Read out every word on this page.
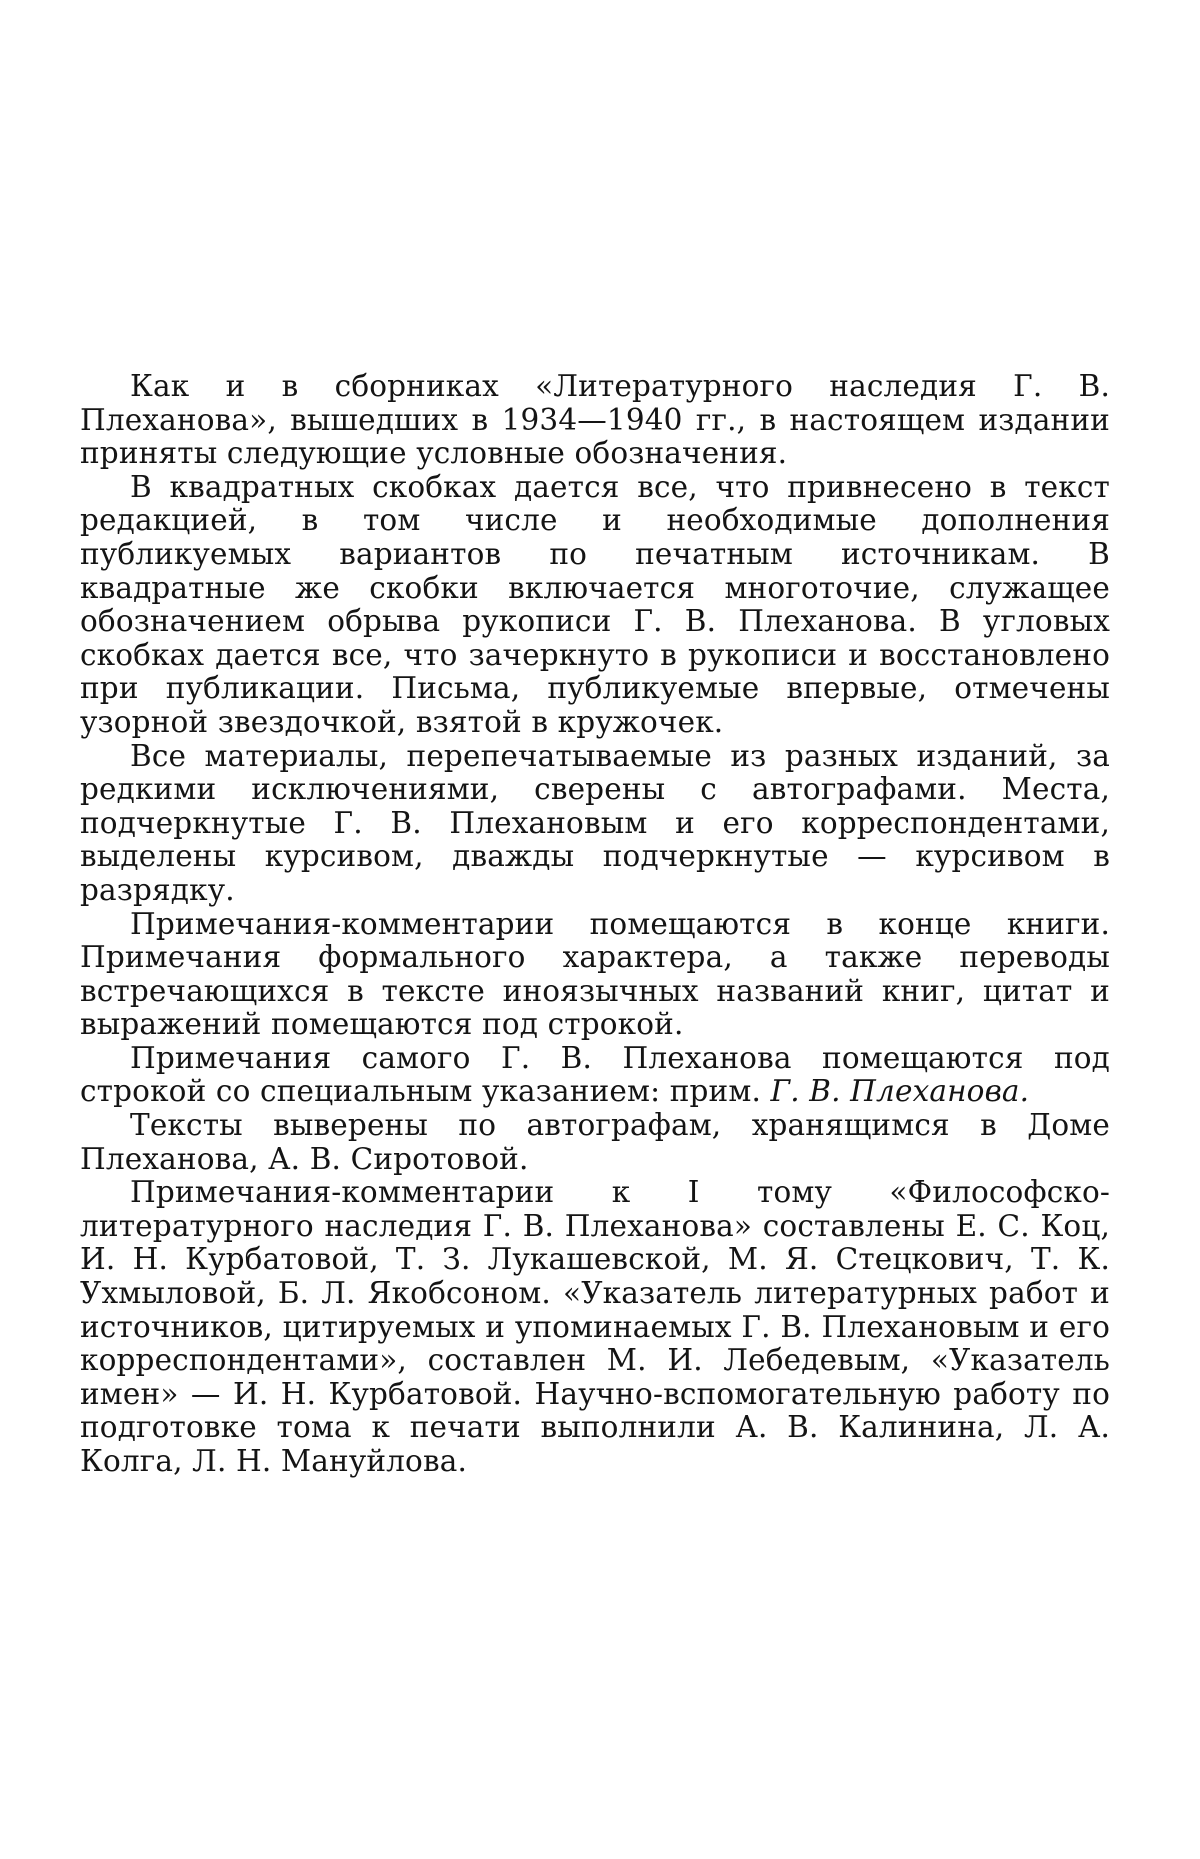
Как и в сборниках «Литературного наследия Г. В. Плеханова», вышедших в 1934—1940 гг., в настоящем издании приняты следующие условные обозначения.

В квадратных скобках дается все, что привнесено в текст редакцией, в том числе и необходимые дополнения публикуемых вариантов по печатным источникам. В квадратные же скобки включается многоточие, служащее обозначением обрыва рукописи Г. В. Плеханова. В угловых скобках дается все, что зачеркнуто в рукописи и восстановлено при публикации. Письма, публикуемые впервые, отмечены узорной звездочкой, взятой в кружочек.

Все материалы, перепечатываемые из разных изданий, за редкими исключениями, сверены с автографами. Места, подчеркнутые Г. В. Плехановым и его корреспондентами, выделены курсивом, дважды подчеркнутые — курсивом в разрядку.

Примечания-комментарии помещаются в конце книги. Примечания формального характера, а также переводы встречающихся в тексте иноязычных названий книг, цитат и выражений помещаются под строкой.

Примечания самого Г. В. Плеханова помещаются под строкой со специальным указанием: прим. Г. В. Плеханова.

Тексты выверены по автографам, хранящимся в Доме Плеханова, А. В. Сиротовой.

Примечания-комментарии к I тому «Философско-литературного наследия Г. В. Плеханова» составлены Е. С. Коц, И. Н. Курбатовой, Т. З. Лукашевской, М. Я. Стецкович, Т. К. Ухмыловой, Б. Л. Якобсоном. «Указатель литературных работ и источников, цитируемых и упоминаемых Г. В. Плехановым и его корреспондентами», составлен М. И. Лебедевым, «Указатель имен» — И. Н. Курбатовой. Научно-вспомогательную работу по подготовке тома к печати выполнили А. В. Калинина, Л. А. Колга, Л. Н. Мануйлова.
